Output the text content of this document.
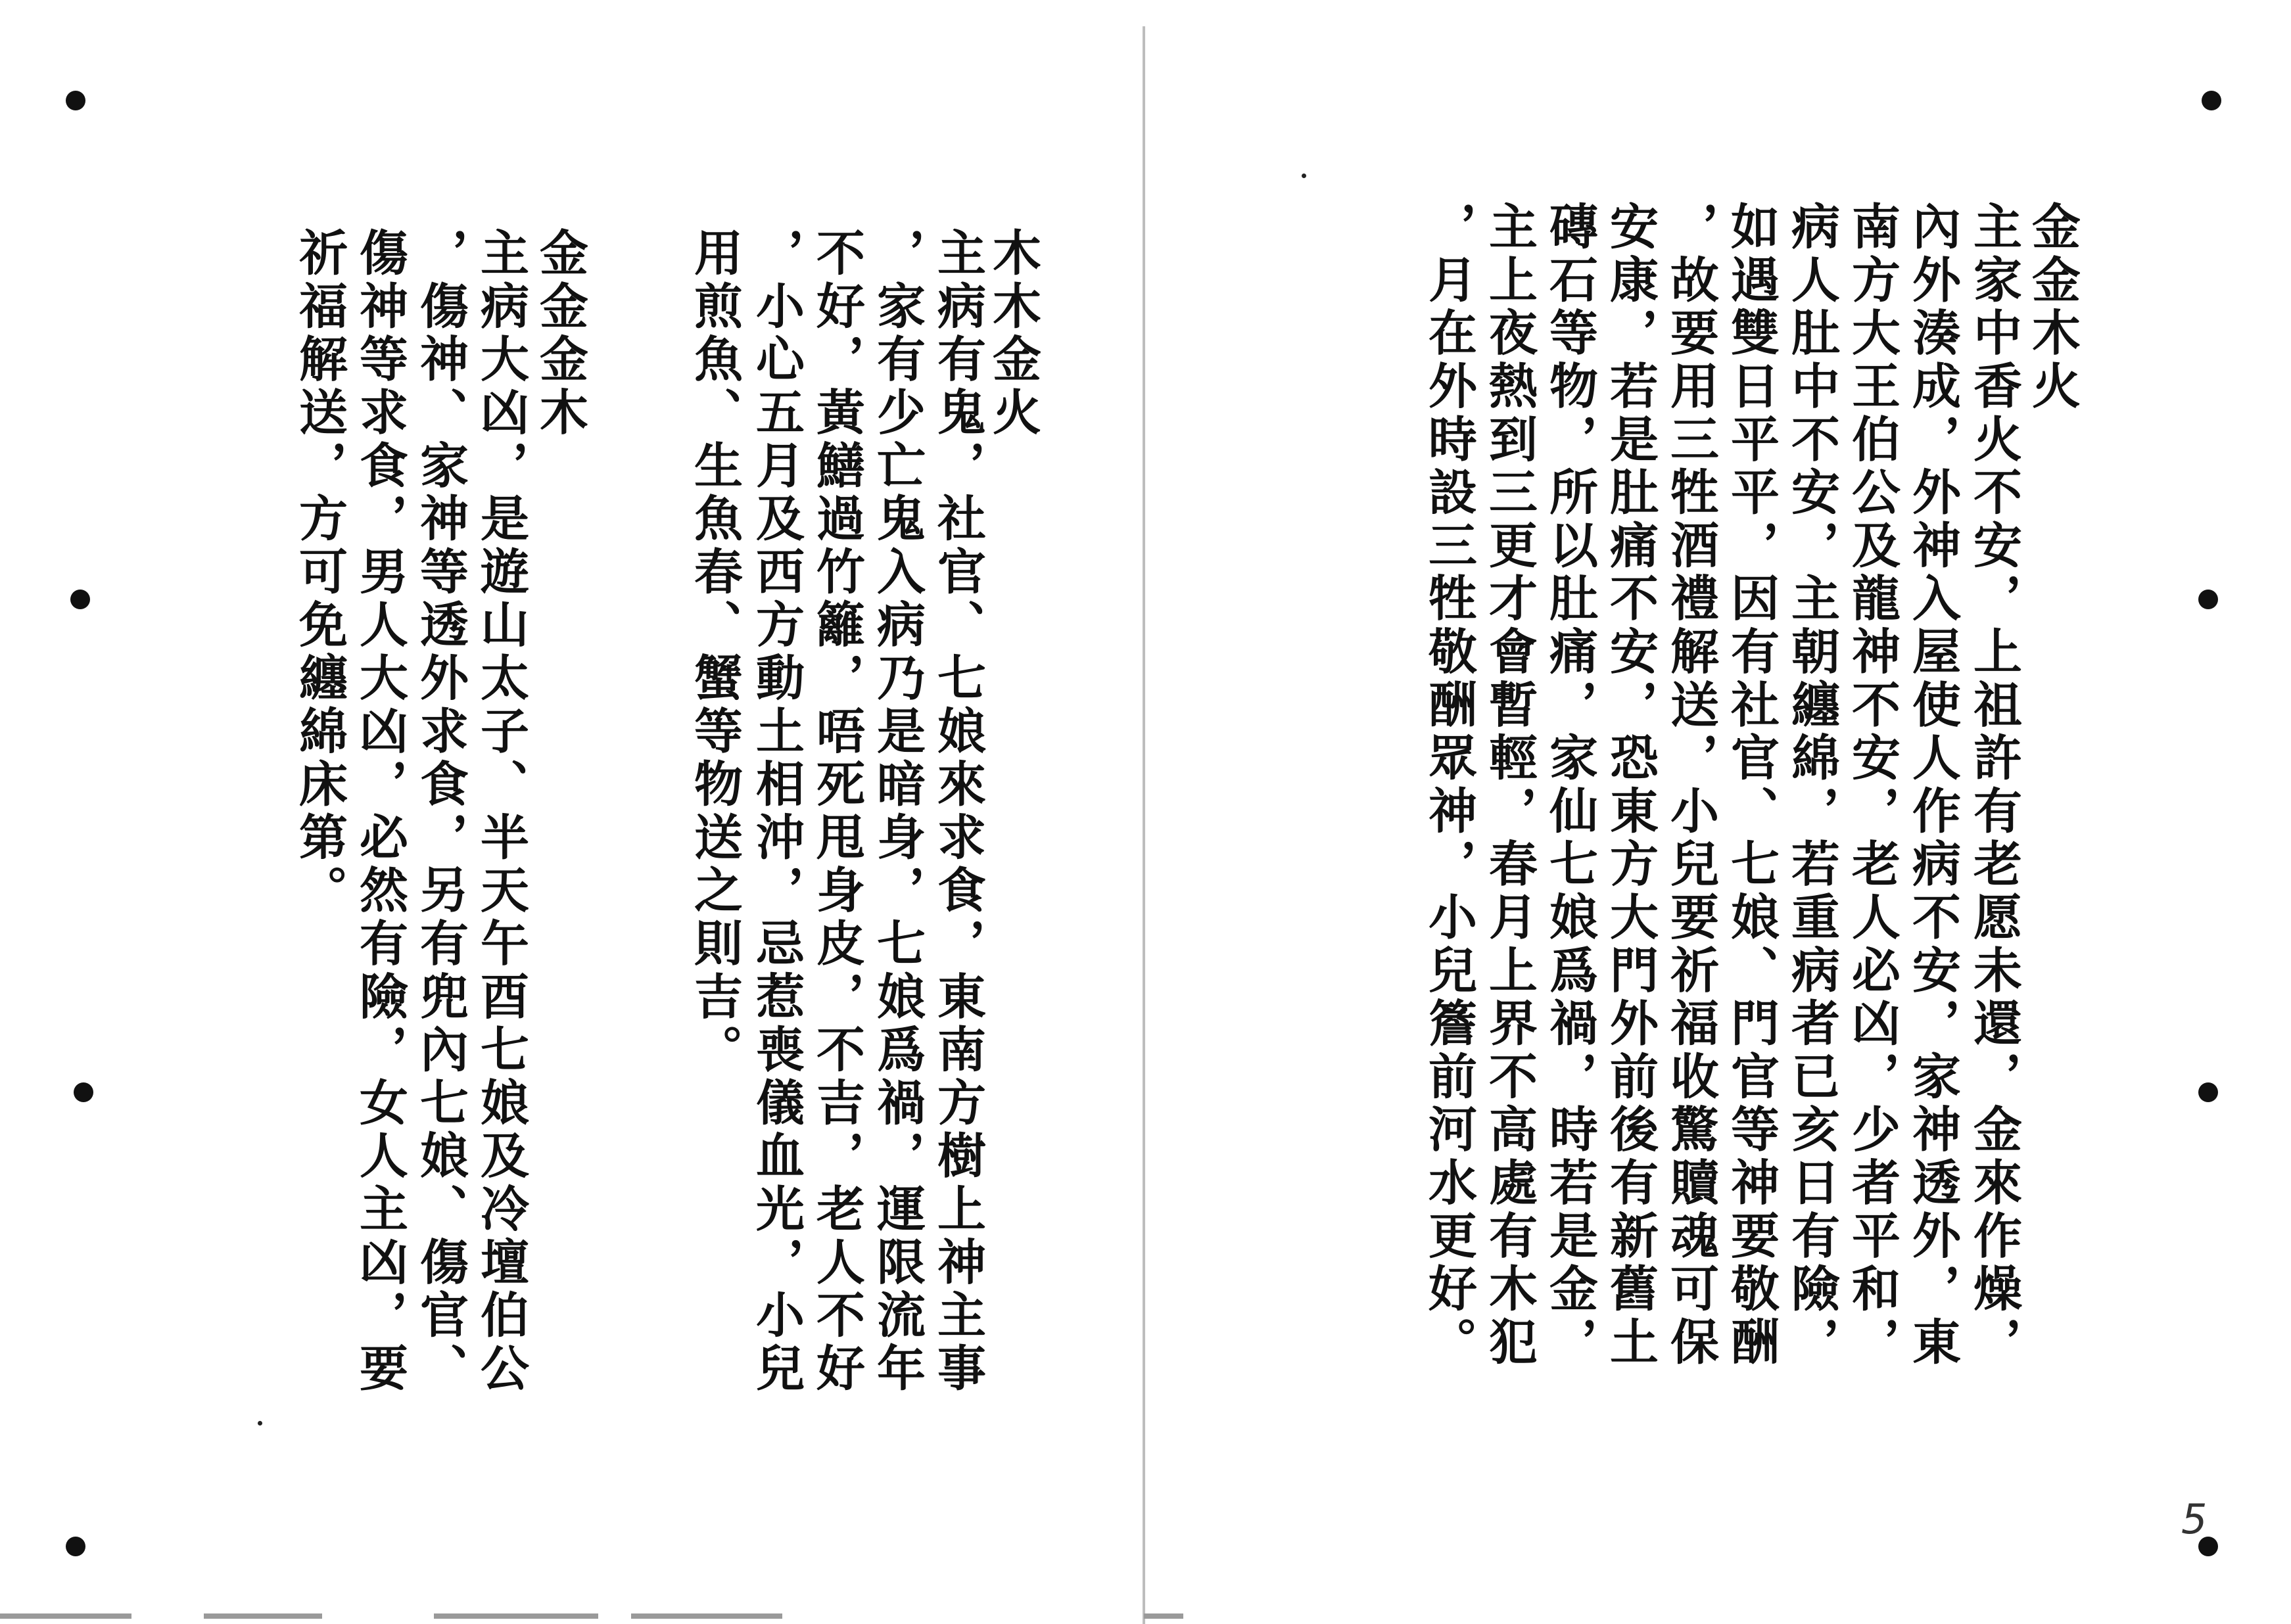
木木金火
主病有鬼，社官、七娘來求食，東南方樹上神主事
，家有少亡鬼入病乃是暗身，七娘爲禍，運限流年
不好，黃鱔過竹籬，唔死甩身皮，不吉，老人不好
，小心五月及西方動土相沖，忌惹喪儀血光，小兒
用煎魚、生魚春、蟹等物送之則吉。
金金金木
主病大凶，是遊山太子、半天午酉七娘及冷壇伯公
，傷神、家神等透外求食，另有兜內七娘、傷官、
傷神等求食，男人大凶，必然有險，女人主凶，要
祈福解送，方可免纏綿床第。	金金木火
主家中香火不安，上祖許有老愿未還，金來作燥，
內外湊成，外神入屋使人作病不安，家神透外，東
南方大王伯公及龍神不安，老人必凶，少者平和，
病人肚中不安，主朝纏綿，若重病者已亥日有險，
如遇雙日平平，因有社官、七娘、門官等神要敬酬
，故要用三牲酒禮解送，小兒要祈福收驚贖魂可保
安康，若是肚痛不安，恐東方大門外前後有新舊土
磚石等物，所以肚痛，家仙七娘爲禍，時若是金，
主上夜熱到三更才會暫輕，春月上界不高處有木犯
，月在外時設三牲敬酬眾神，小兒簷前河水更好。
5
